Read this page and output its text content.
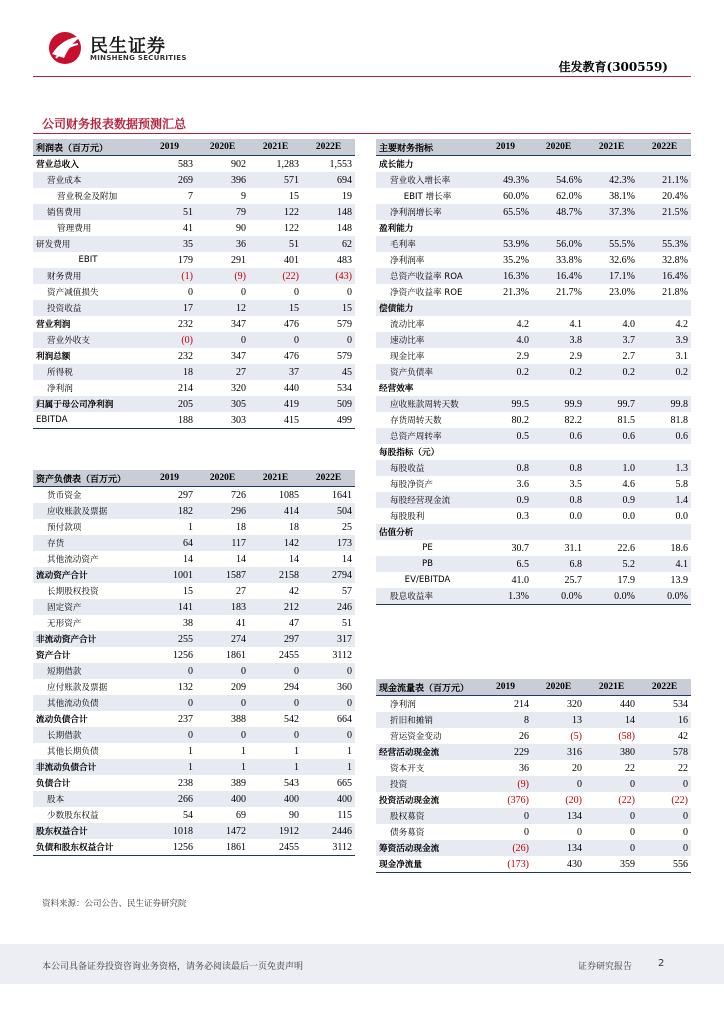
民生证券
MINSHENG SECURITIES
佳发教育(300559)
公司财务报表数据预测汇总
利润表（百万元）	2019	2020E	2021E	2022E
营业总收入	583	902	1,283	1,553
营业成本	269	396	571	694
营业税金及附加	7	9	15	19
销售费用	51	79	122	148
管理费用	41	90	122	148
研发费用	35	36	51	62
EBIT	179	291	401	483
财务费用	(1)	(9)	(22)	(43)
资产减值损失	0	0	0	0
投资收益	17	12	15	15
营业利润	232	347	476	579
营业外收支	(0)	0	0	0
利润总额	232	347	476	579
所得税	18	27	37	45
净利润	214	320	440	534
归属于母公司净利润	205	305	419	509
EBITDA	188	303	415	499
主要财务指标	2019	2020E	2021E	2022E
成长能力				
营业收入增长率	49.3%	54.6%	42.3%	21.1%
EBIT 增长率	60.0%	62.0%	38.1%	20.4%
净利润增长率	65.5%	48.7%	37.3%	21.5%
盈利能力				
毛利率	53.9%	56.0%	55.5%	55.3%
净利润率	35.2%	33.8%	32.6%	32.8%
总资产收益率 ROA	16.3%	16.4%	17.1%	16.4%
净资产收益率 ROE	21.3%	21.7%	23.0%	21.8%
偿债能力				
流动比率	4.2	4.1	4.0	4.2
速动比率	4.0	3.8	3.7	3.9
现金比率	2.9	2.9	2.7	3.1
资产负债率	0.2	0.2	0.2	0.2
经营效率				
应收账款周转天数	99.5	99.9	99.7	99.8
存货周转天数	80.2	82.2	81.5	81.8
总资产周转率	0.5	0.6	0.6	0.6
每股指标（元）				
每股收益	0.8	0.8	1.0	1.3
每股净资产	3.6	3.5	4.6	5.8
每股经营现金流	0.9	0.8	0.9	1.4
每股股利	0.3	0.0	0.0	0.0
估值分析				
PE	30.7	31.1	22.6	18.6
PB	6.5	6.8	5.2	4.1
EV/EBITDA	41.0	25.7	17.9	13.9
股息收益率	1.3%	0.0%	0.0%	0.0%
资产负债表（百万元）	2019	2020E	2021E	2022E
货币资金	297	726	1085	1641
应收账款及票据	182	296	414	504
预付款项	1	18	18	25
存货	64	117	142	173
其他流动资产	14	14	14	14
流动资产合计	1001	1587	2158	2794
长期股权投资	15	27	42	57
固定资产	141	183	212	246
无形资产	38	41	47	51
非流动资产合计	255	274	297	317
资产合计	1256	1861	2455	3112
短期借款	0	0	0	0
应付账款及票据	132	209	294	360
其他流动负债	0	0	0	0
流动负债合计	237	388	542	664
长期借款	0	0	0	0
其他长期负债	1	1	1	1
非流动负债合计	1	1	1	1
负债合计	238	389	543	665
股本	266	400	400	400
少数股东权益	54	69	90	115
股东权益合计	1018	1472	1912	2446
负债和股东权益合计	1256	1861	2455	3112
现金流量表（百万元）	2019	2020E	2021E	2022E
净利润	214	320	440	534
折旧和摊销	8	13	14	16
营运资金变动	26	(5)	(58)	42
经营活动现金流	229	316	380	578
资本开支	36	20	22	22
投资	(9)	0	0	0
投资活动现金流	(376)	(20)	(22)	(22)
股权募资	0	134	0	0
债务募资	0	0	0	0
筹资活动现金流	(26)	134	0	0
现金净流量	(173)	430	359	556
资料来源：公司公告、民生证券研究院
本公司具备证券投资咨询业务资格，请务必阅读最后一页免责声明	证券研究报告	2
